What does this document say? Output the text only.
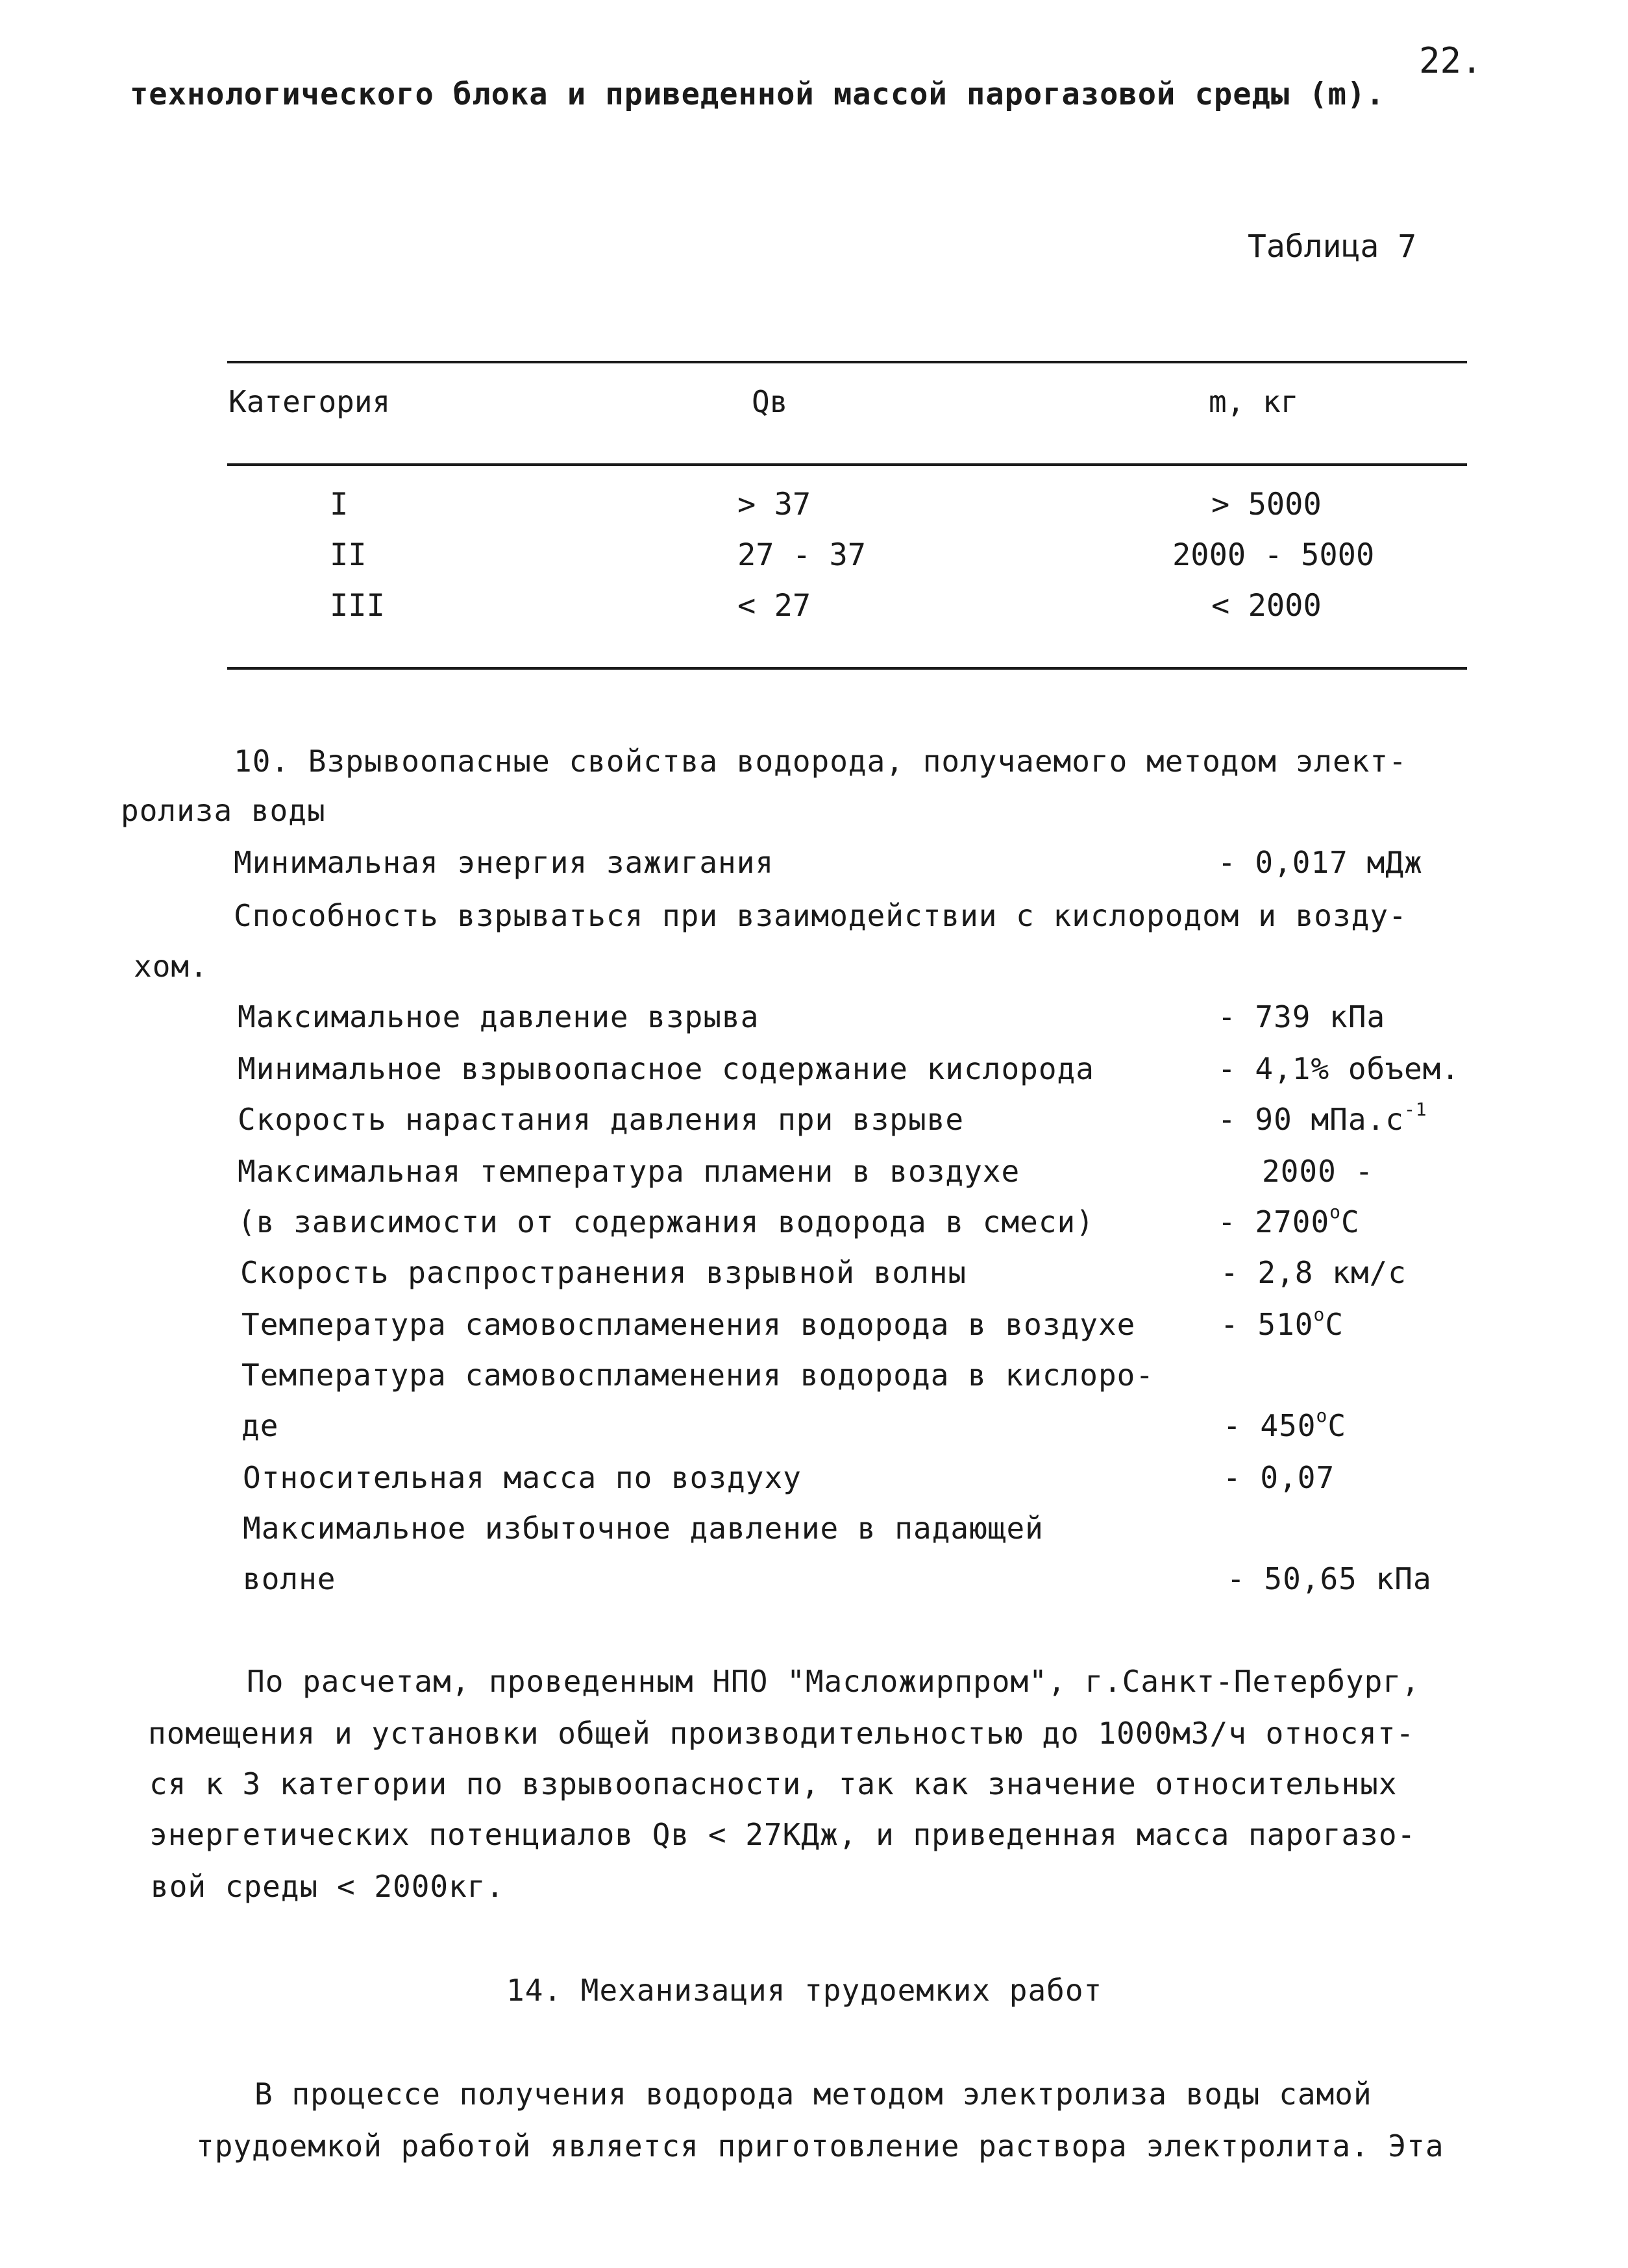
22.
технологического блока и приведенной массой парогазовой среды (m).
Таблица 7
Категория	Qв	m, кг
I	> 37	> 5000
II	27 - 37	2000 - 5000
III	< 27	< 2000
10. Взрывоопасные свойства водорода, получаемого методом элект-
ролиза воды
Минимальная энергия зажигания	- 0,017 мДж
Способность взрываться при взаимодействии с кислородом и возду-
хом.
Максимальное давление взрыва	- 739 кПа
Минимальное взрывоопасное содержание кислорода	- 4,1% объем.
Скорость нарастания давления при взрыве	- 90 $мПа.с^{-1}$
Максимальная температура пламени в воздухе	2000 -
(в зависимости от содержания водорода в смеси)	- 2700$^o$C
Скорость распространения взрывной волны	- 2,8 км/с
Температура самовоспламенения водорода в воздухе	- 510$^o$C
Температура самовоспламенения водорода в кислоро-
де	- 450$^o$C
Относительная масса по воздуху	- 0,07
Максимальное избыточное давление в падающей
волне	- 50,65 кПа
По расчетам, проведенным НПО "Масложирпром", г.Санкт-Петербург,
помещения и установки общей производительностью до 1000м3/ч относят-
ся к 3 категории по взрывоопасности, так как значение относительных
энергетических потенциалов Qв < 27КДж, и приведенная масса парогазо-
вой среды < 2000кг.
14. Механизация трудоемких работ
В процессе получения водорода методом электролиза воды самой
трудоемкой работой является приготовление раствора электролита. Эта
